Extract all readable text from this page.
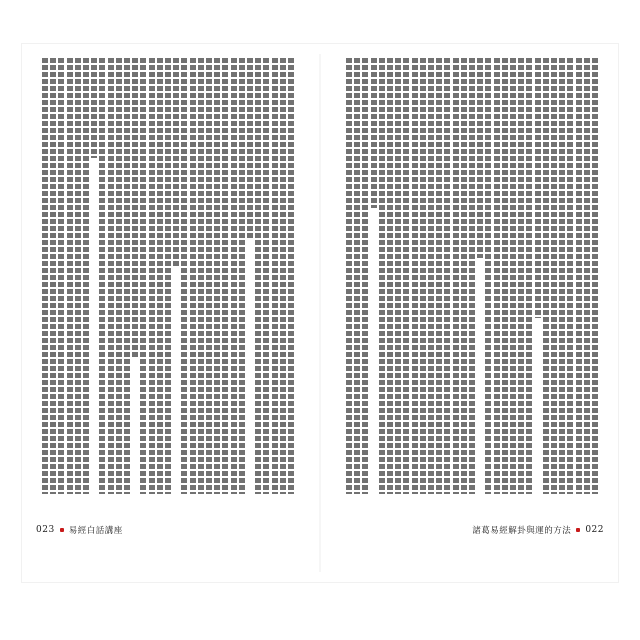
023 易經白話講座	諸葛易經解卦與運的方法 022
